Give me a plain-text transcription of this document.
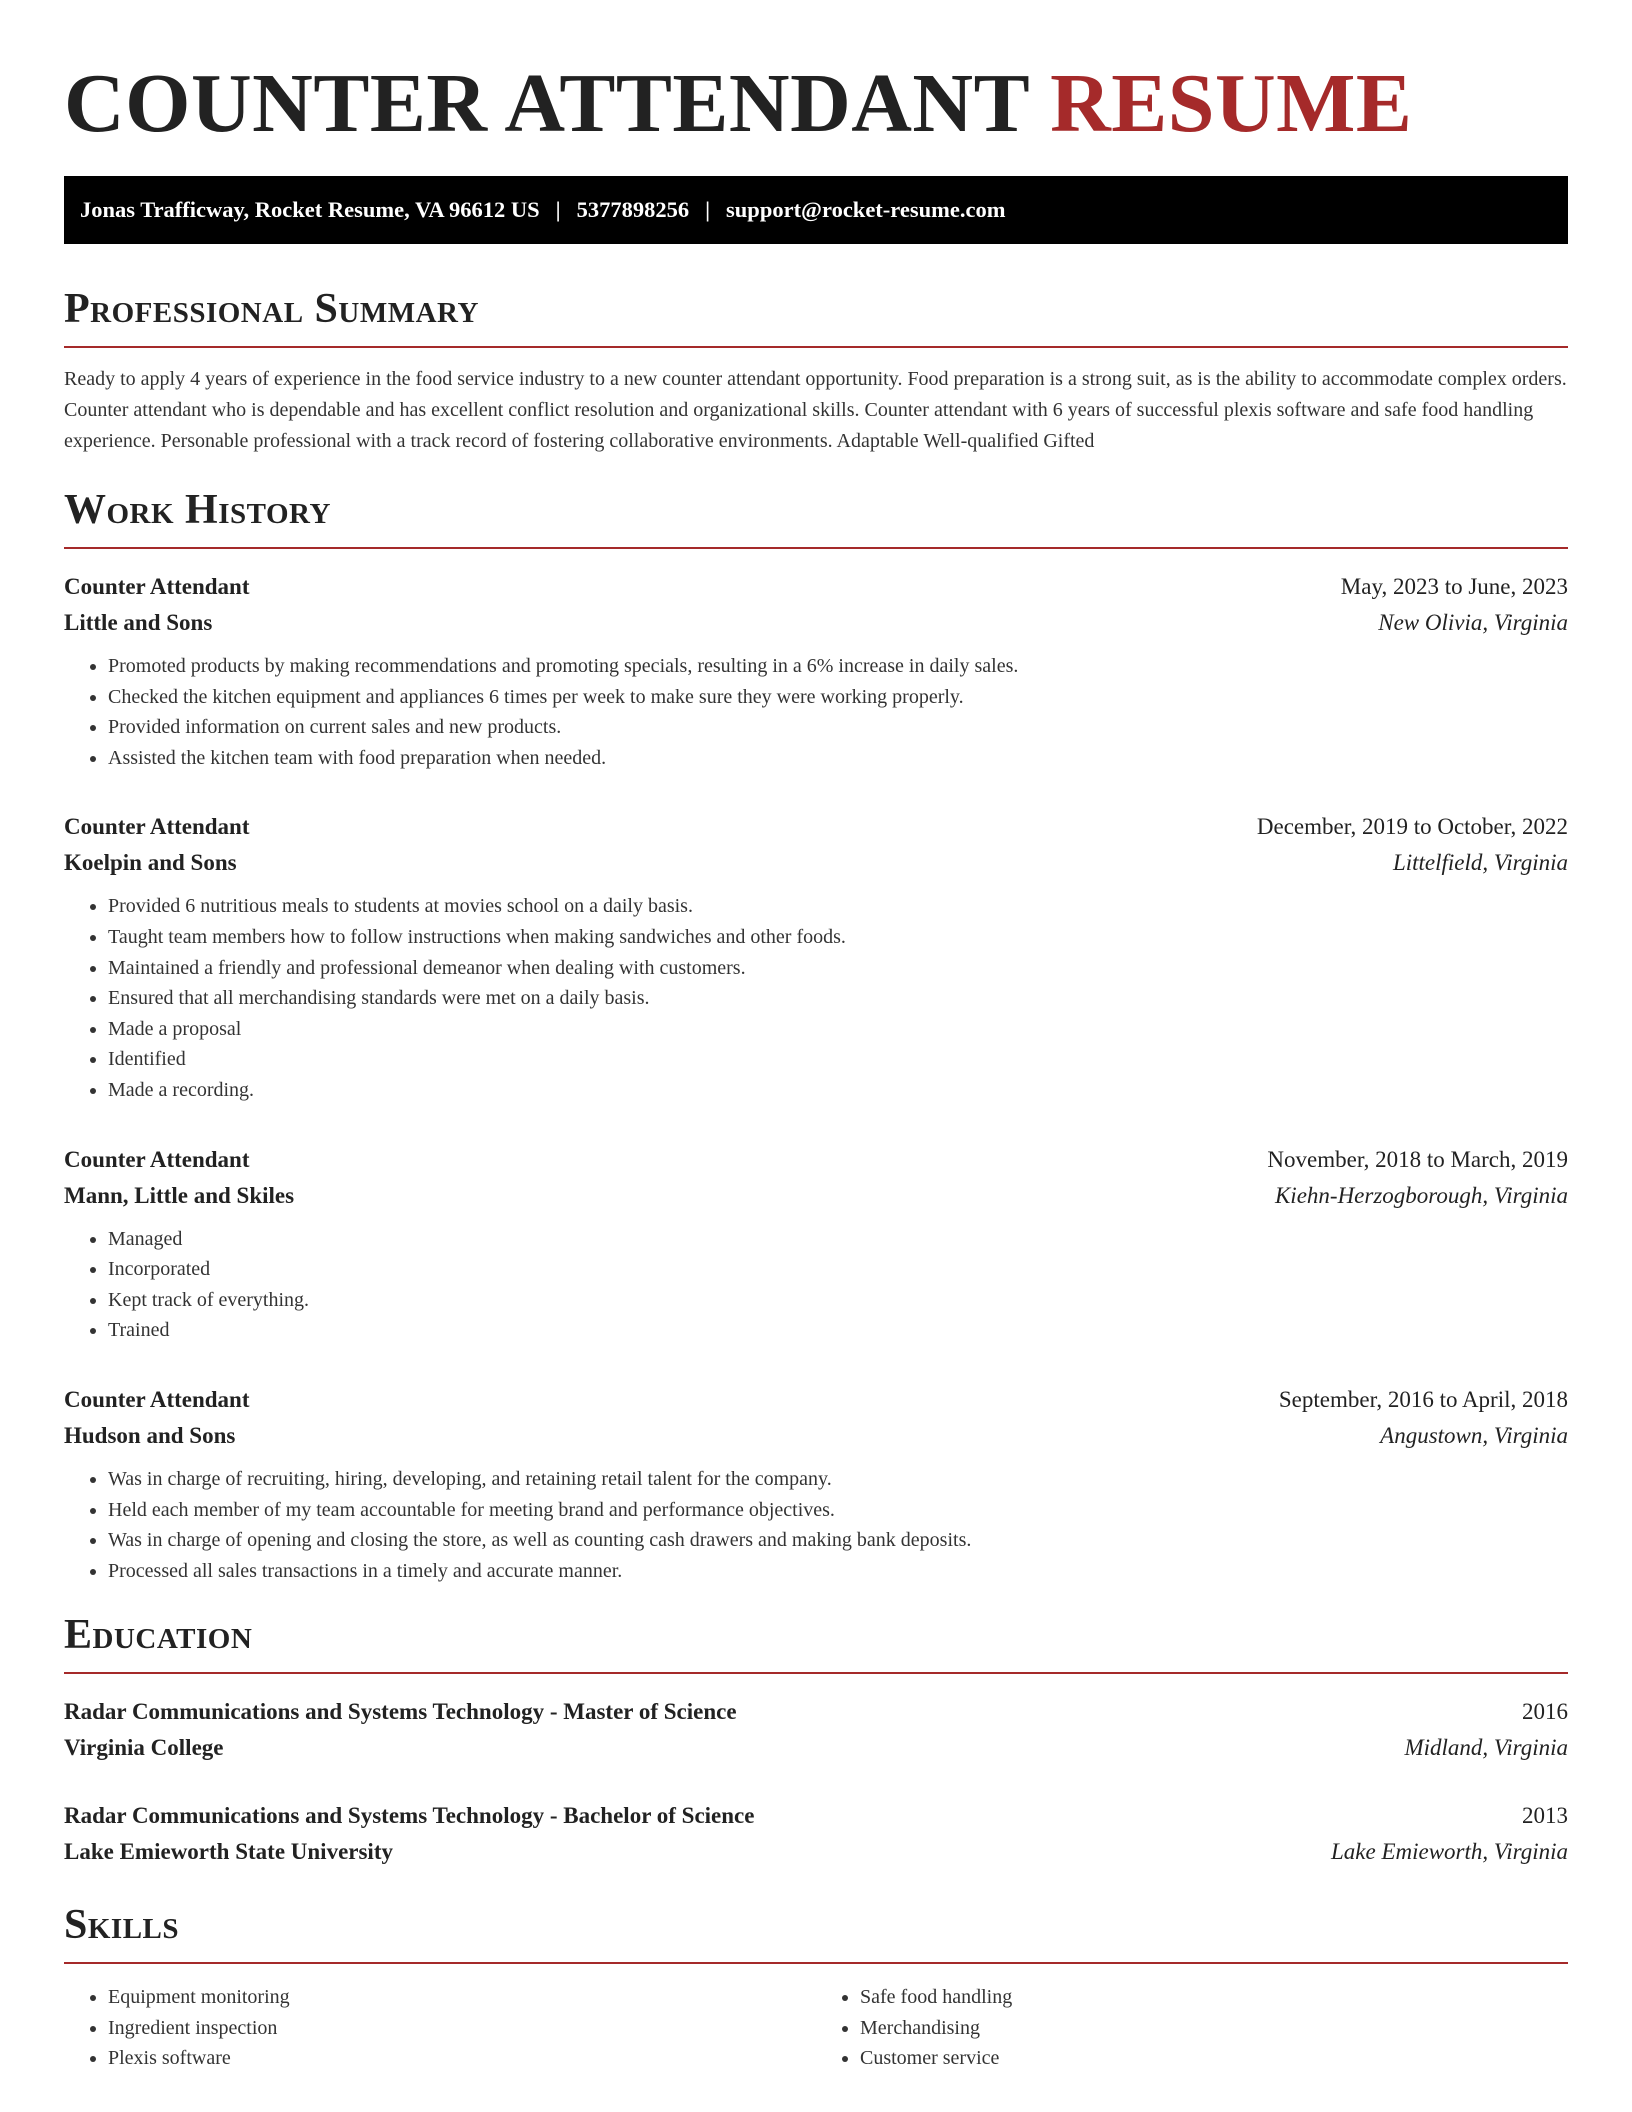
COUNTER ATTENDANT RESUME
Jonas Trafficway, Rocket Resume, VA 96612 US | 5377898256 | support@rocket-resume.com
Professional Summary

Ready to apply 4 years of experience in the food service industry to a new counter attendant opportunity. Food preparation is a strong suit, as is the ability to accommodate complex orders. Counter attendant who is dependable and has excellent conflict resolution and organizational skills. Counter attendant with 6 years of successful plexis software and safe food handling experience. Personable professional with a track record of fostering collaborative environments. Adaptable Well-qualified Gifted

Work History
Counter Attendant	May, 2023 to June, 2023
Little and Sons	New Olivia, Virginia
• Promoted products by making recommendations and promoting specials, resulting in a 6% increase in daily sales.
• Checked the kitchen equipment and appliances 6 times per week to make sure they were working properly.
• Provided information on current sales and new products.
• Assisted the kitchen team with food preparation when needed.
Counter Attendant	December, 2019 to October, 2022
Koelpin and Sons	Littelfield, Virginia
• Provided 6 nutritious meals to students at movies school on a daily basis.
• Taught team members how to follow instructions when making sandwiches and other foods.
• Maintained a friendly and professional demeanor when dealing with customers.
• Ensured that all merchandising standards were met on a daily basis.
• Made a proposal
• Identified
• Made a recording.
Counter Attendant	November, 2018 to March, 2019
Mann, Little and Skiles	Kiehn-Herzogborough, Virginia
• Managed
• Incorporated
• Kept track of everything.
• Trained
Counter Attendant	September, 2016 to April, 2018
Hudson and Sons	Angustown, Virginia
• Was in charge of recruiting, hiring, developing, and retaining retail talent for the company.
• Held each member of my team accountable for meeting brand and performance objectives.
• Was in charge of opening and closing the store, as well as counting cash drawers and making bank deposits.
• Processed all sales transactions in a timely and accurate manner.
Education
Radar Communications and Systems Technology - Master of Science	2016
Virginia College	Midland, Virginia
Radar Communications and Systems Technology - Bachelor of Science	2013
Lake Emieworth State University	Lake Emieworth, Virginia
Skills
• Equipment monitoring
• Ingredient inspection
• Plexis software
• Safe food handling
• Merchandising
• Customer service
